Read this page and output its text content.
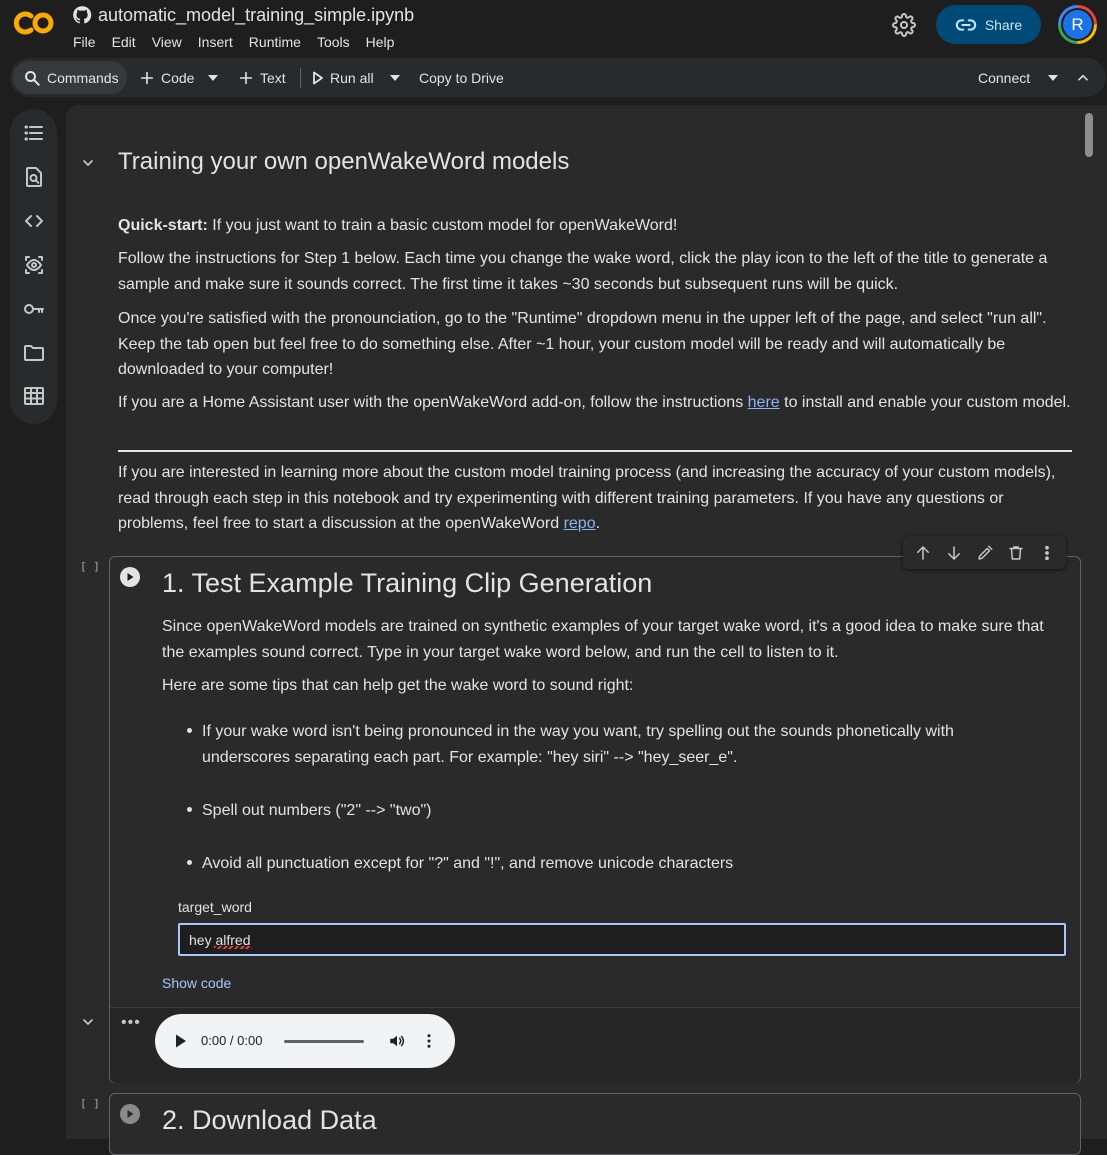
automatic_model_training_simple.ipynb
File	Edit	View	Insert	Runtime	Tools	Help
Share	R
Commands	Code	Text	Run all	Copy to Drive	Connect
Training your own openWakeWord models
Quick-start: If you just want to train a basic custom model for openWakeWord!
Follow the instructions for Step 1 below. Each time you change the wake word, click the play icon to the left of the title to generate a sample and make sure it sounds correct. The first time it takes ~30 seconds but subsequent runs will be quick.
Once you're satisfied with the pronounciation, go to the "Runtime" dropdown menu in the upper left of the page, and select "run all". Keep the tab open but feel free to do something else. After ~1 hour, your custom model will be ready and will automatically be downloaded to your computer!
If you are a Home Assistant user with the openWakeWord add-on, follow the instructions here to install and enable your custom model.
If you are interested in learning more about the custom model training process (and increasing the accuracy of your custom models), read through each step in this notebook and try experimenting with different training parameters. If you have any questions or problems, feel free to start a discussion at the openWakeWord repo.
[ ]
1. Test Example Training Clip Generation
Since openWakeWord models are trained on synthetic examples of your target wake word, it's a good idea to make sure that the examples sound correct. Type in your target wake word below, and run the cell to listen to it.
Here are some tips that can help get the wake word to sound right:
If your wake word isn't being pronounced in the way you want, try spelling out the sounds phonetically with underscores separating each part. For example: "hey siri" --> "hey_seer_e".
Spell out numbers ("2" --> "two")
Avoid all punctuation except for "?" and "!", and remove unicode characters
target_word
hey alfred
Show code
•••
0:00 / 0:00
[ ]
2. Download Data
